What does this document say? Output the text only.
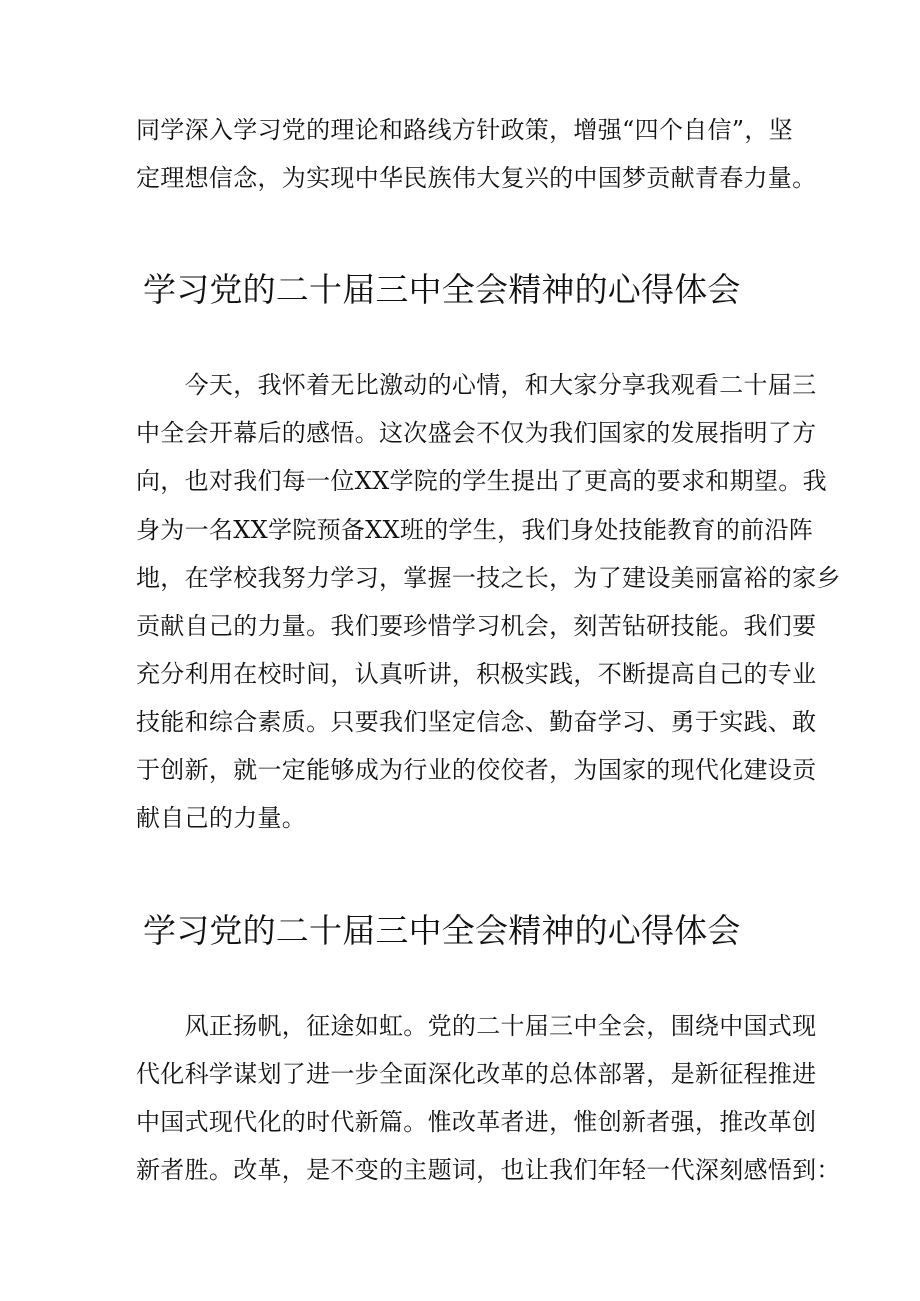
同学深入学习党的理论和路线方针政策，增强“四个自信”，坚
定理想信念，为实现中华民族伟大复兴的中国梦贡献青春力量。
学习党的二十届三中全会精神的心得体会
　　今天，我怀着无比激动的心情，和大家分享我观看二十届三
中全会开幕后的感悟。这次盛会不仅为我们国家的发展指明了方
向，也对我们每一位XX学院的学生提出了更高的要求和期望。我
身为一名XX学院预备XX班的学生，我们身处技能教育的前沿阵
地，在学校我努力学习，掌握一技之长，为了建设美丽富裕的家乡
贡献自己的力量。我们要珍惜学习机会，刻苦钻研技能。我们要
充分利用在校时间，认真听讲，积极实践，不断提高自己的专业
技能和综合素质。只要我们坚定信念、勤奋学习、勇于实践、敢
于创新，就一定能够成为行业的佼佼者，为国家的现代化建设贡
献自己的力量。
学习党的二十届三中全会精神的心得体会
　　风正扬帆，征途如虹。党的二十届三中全会，围绕中国式现
代化科学谋划了进一步全面深化改革的总体部署，是新征程推进
中国式现代化的时代新篇。惟改革者进，惟创新者强，推改革创
新者胜。改革，是不变的主题词，也让我们年轻一代深刻感悟到：
